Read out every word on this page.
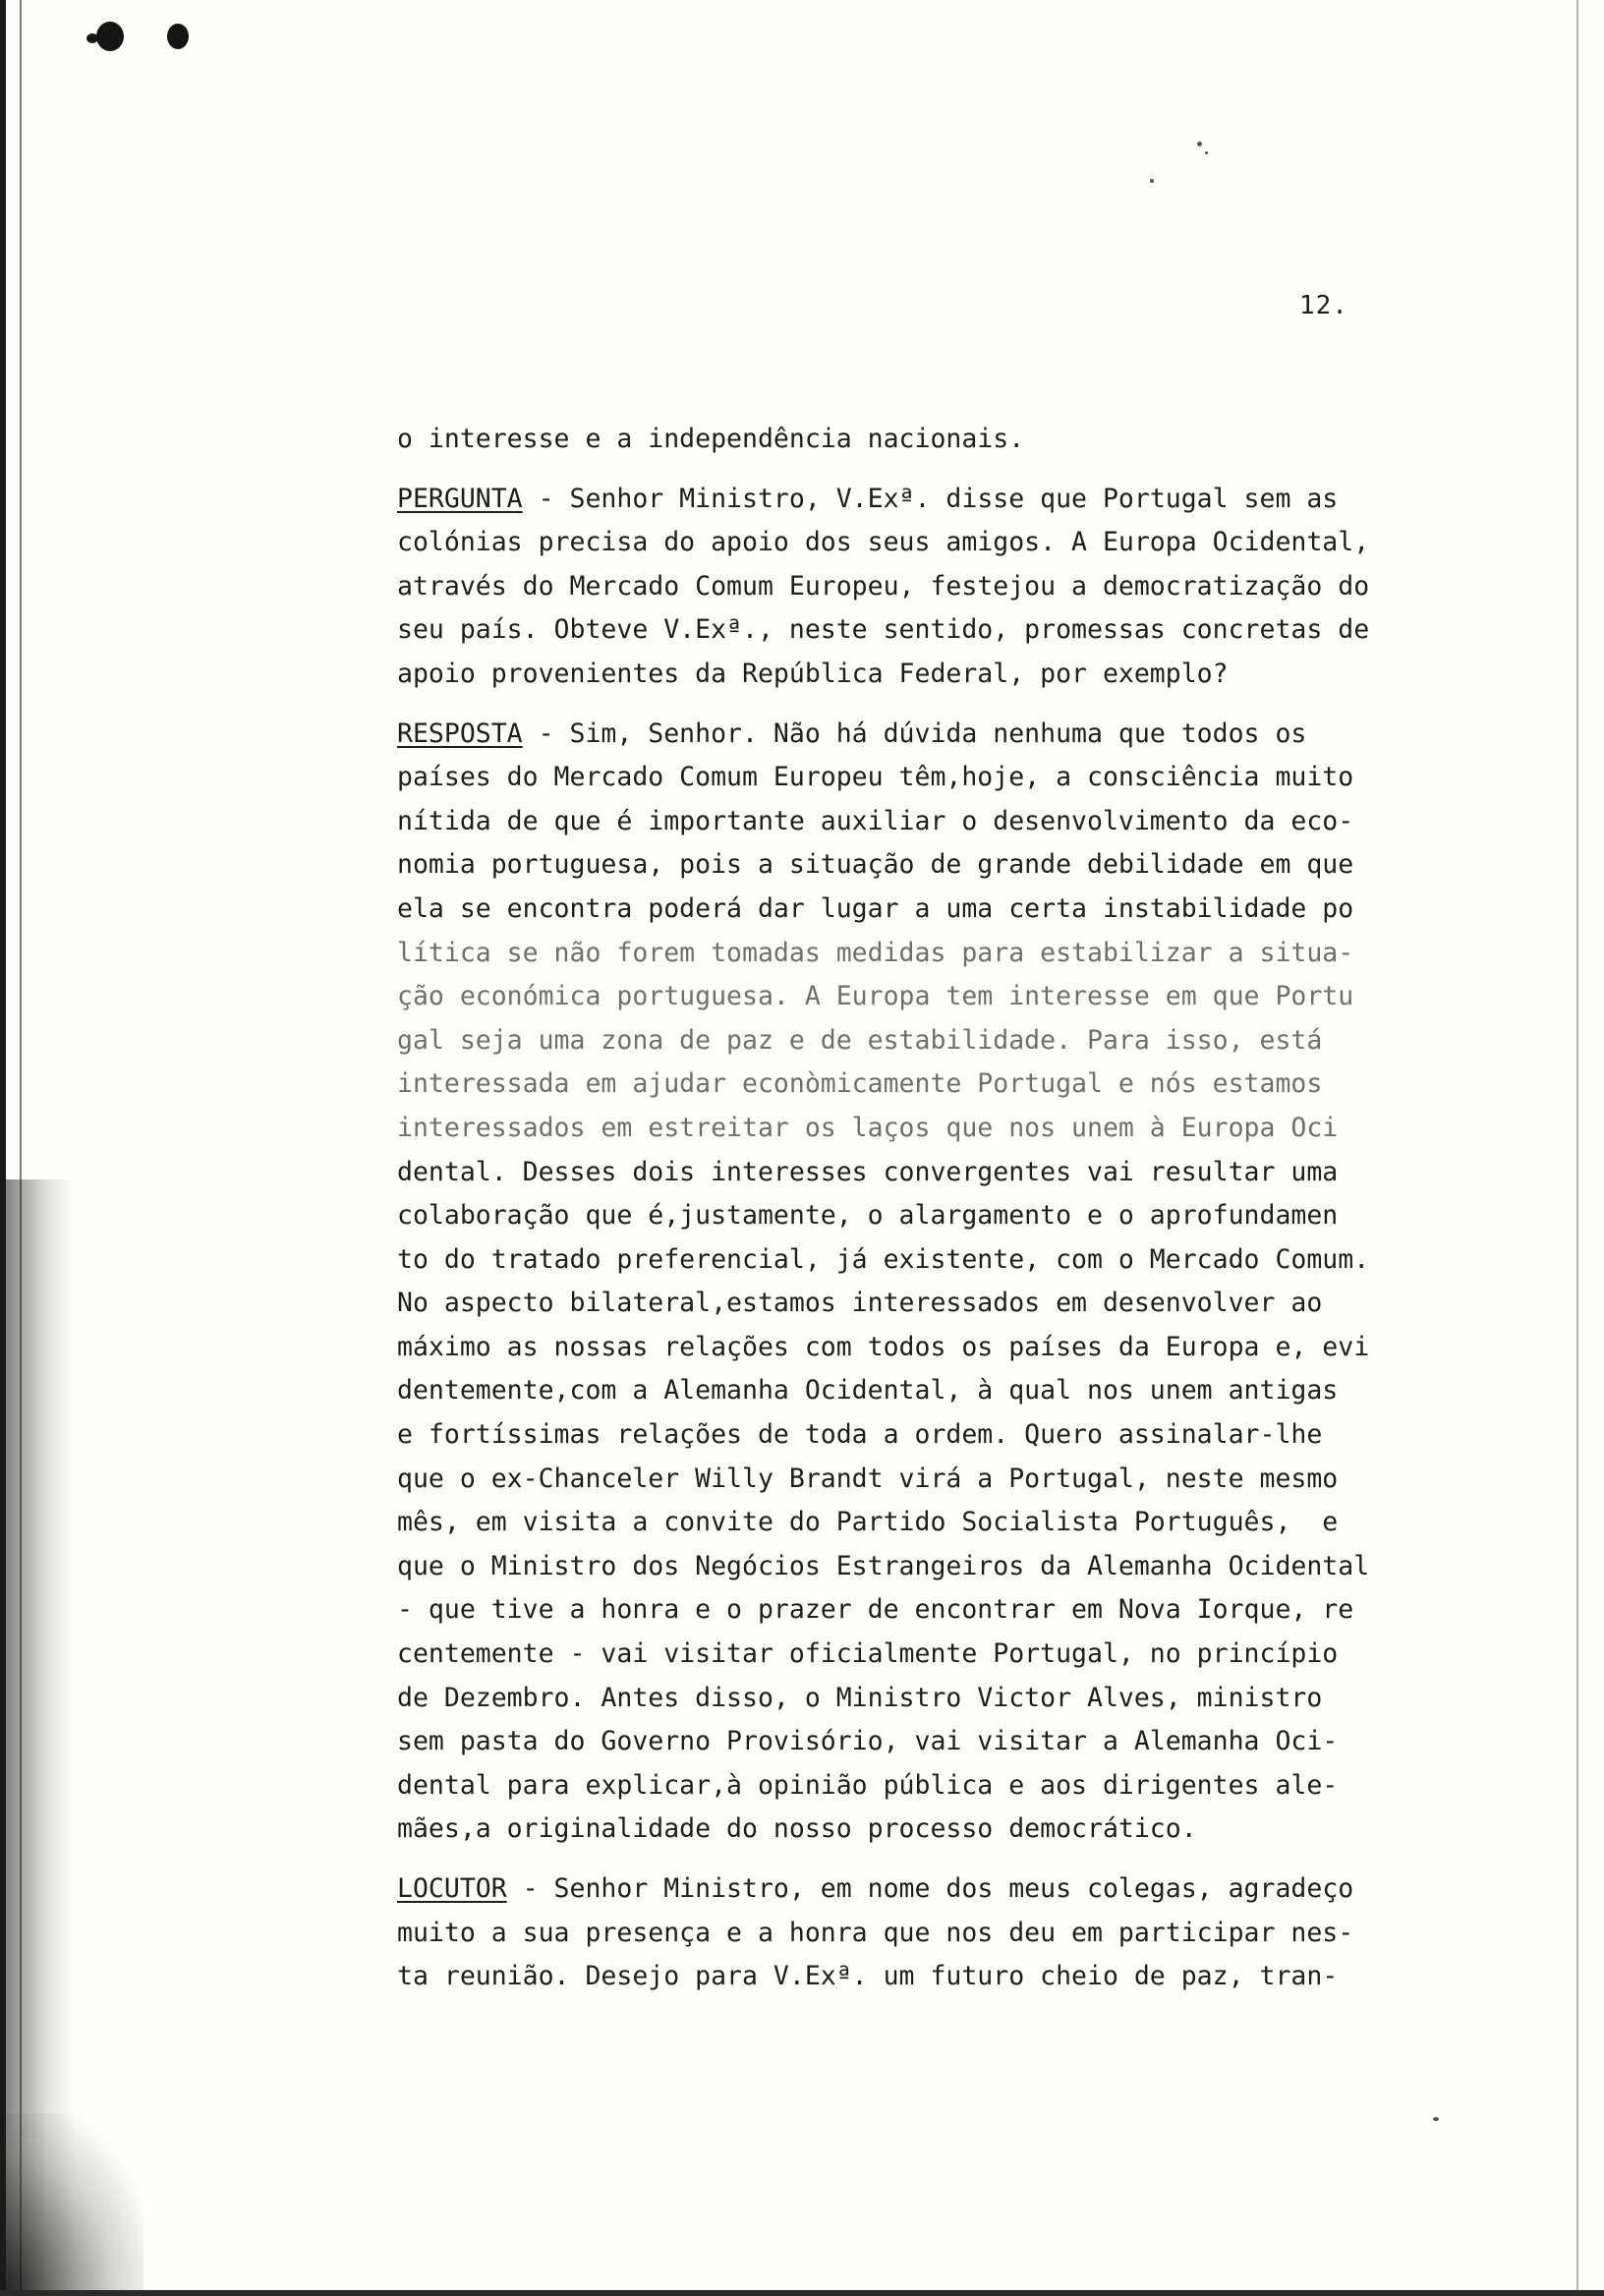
12.
o interesse e a independência nacionais.
PERGUNTA - Senhor Ministro, V.Exª. disse que Portugal sem as
colónias precisa do apoio dos seus amigos. A Europa Ocidental,
através do Mercado Comum Europeu, festejou a democratização do
seu país. Obteve V.Exª., neste sentido, promessas concretas de
apoio provenientes da República Federal, por exemplo?
RESPOSTA - Sim, Senhor. Não há dúvida nenhuma que todos os
países do Mercado Comum Europeu têm,hoje, a consciência muito
nítida de que é importante auxiliar o desenvolvimento da eco-
nomia portuguesa, pois a situação de grande debilidade em que
ela se encontra poderá dar lugar a uma certa instabilidade po
lítica se não forem tomadas medidas para estabilizar a situa-
ção económica portuguesa. A Europa tem interesse em que Portu
gal seja uma zona de paz e de estabilidade. Para isso, está
interessada em ajudar econòmicamente Portugal e nós estamos
interessados em estreitar os laços que nos unem à Europa Oci
dental. Desses dois interesses convergentes vai resultar uma
colaboração que é,justamente, o alargamento e o aprofundamen
to do tratado preferencial, já existente, com o Mercado Comum.
No aspecto bilateral,estamos interessados em desenvolver ao
máximo as nossas relações com todos os países da Europa e, evi
dentemente,com a Alemanha Ocidental, à qual nos unem antigas
e fortíssimas relações de toda a ordem. Quero assinalar-lhe
que o ex-Chanceler Willy Brandt virá a Portugal, neste mesmo
mês, em visita a convite do Partido Socialista Português,  e
que o Ministro dos Negócios Estrangeiros da Alemanha Ocidental
- que tive a honra e o prazer de encontrar em Nova Iorque, re
centemente - vai visitar oficialmente Portugal, no princípio
de Dezembro. Antes disso, o Ministro Victor Alves, ministro
sem pasta do Governo Provisório, vai visitar a Alemanha Oci-
dental para explicar,à opinião pública e aos dirigentes ale-
mães,a originalidade do nosso processo democrático.
LOCUTOR - Senhor Ministro, em nome dos meus colegas, agradeço
muito a sua presença e a honra que nos deu em participar nes-
ta reunião. Desejo para V.Exª. um futuro cheio de paz, tran-
